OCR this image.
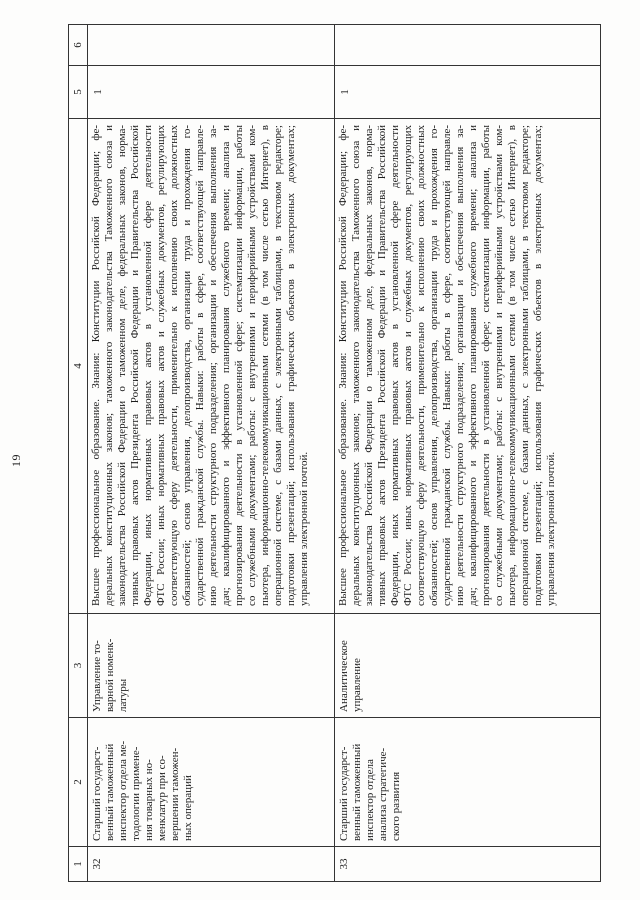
19
1
2
3
4
5
6
32
Старший государст- венный таможенный инспектор отдела ме- тодологии примене- ния товарных но- менклатур при со- вершении таможен- ных операций
Управление то- варной номенк- латуры
Высшее профессиональное образование. Знания: Конституции Российской Федерации; фе- деральных конституционных законов; таможенного законодательства Таможенного союза и законодательства Российской Федерации о таможенном деле, федеральных законов, норма- тивных правовых актов Президента Российской Федерации и Правительства Российской Федерации, иных нормативных правовых актов в установленной сфере деятельности ФТС России; иных нормативных правовых актов и служебных документов, регулирующих соответствующую сферу деятельности, применительно к исполнению своих должностных обязанностей; основ управления, делопроизводства, организации труда и прохождения го- сударственной гражданской службы. Навыки: работы в сфере, соответствующей направле- нию деятельности структурного подразделения; организации и обеспечения выполнения за- дач; квалифицированного и эффективного планирования служебного времени; анализа и прогнозирования деятельности в установленной сфере; систематизации информации, работы со служебными документами; работы: с внутренними и периферийными устройствами ком- пьютера, информационно-телекоммуникационными сетями (в том числе сетью Интернет), в операционной системе, с базами данных, с электронными таблицами, в текстовом редакторе; подготовки презентаций; использования графических объектов в электронных документах; управления электронной почтой.
1
33
Старший государст- венный таможенный инспектор отдела анализа стратегиче- ского развития
Аналитическое управление
Высшее профессиональное образование. Знания: Конституции Российской Федерации; фе- деральных конституционных законов; таможенного законодательства Таможенного союза и законодательства Российской Федерации о таможенном деле, федеральных законов, норма- тивных правовых актов Президента Российской Федерации и Правительства Российской Федерации, иных нормативных правовых актов в установленной сфере деятельности ФТС России; иных нормативных правовых актов и служебных документов, регулирующих соответствующую сферу деятельности, применительно к исполнению своих должностных обязанностей; основ управления, делопроизводства, организации труда и прохождения го- сударственной гражданской службы. Навыки: работы в сфере, соответствующей направле- нию деятельности структурного подразделения; организации и обеспечения выполнения за- дач; квалифицированного и эффективного планирования служебного времени; анализа и прогнозирования деятельности в установленной сфере; систематизации информации, работы со служебными документами; работы: с внутренними и периферийными устройствами ком- пьютера, информационно-телекоммуникационными сетями (в том числе сетью Интернет), в операционной системе, с базами данных, с электронными таблицами, в текстовом редакторе; подготовки презентаций; использования графических объектов в электронных документах; управления электронной почтой.
1
